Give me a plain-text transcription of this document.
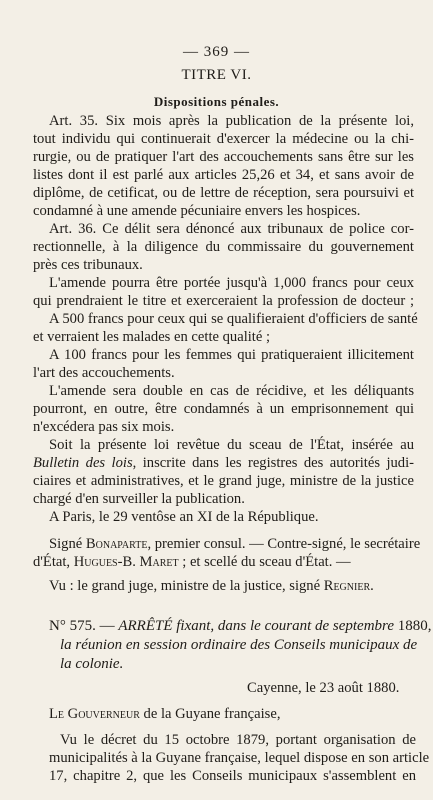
— 369 —
TITRE VI.
Dispositions pénales.
Art. 35. Six mois après la publication de la présente loi,
tout individu qui continuerait d'exercer la médecine ou la chi-
rurgie, ou de pratiquer l'art des accouchements sans être sur les
listes dont il est parlé aux articles 25,26 et 34, et sans avoir de
diplôme, de cetificat, ou de lettre de réception, sera poursuivi et
condamné à une amende pécuniaire envers les hospices.
Art. 36. Ce délit sera dénoncé aux tribunaux de police cor-
rectionnelle, à la diligence du commissaire du gouvernement
près ces tribunaux.
L'amende pourra être portée jusqu'à 1,000 francs pour ceux
qui prendraient le titre et exerceraient la profession de docteur ;
A 500 francs pour ceux qui se qualifieraient d'officiers de santé
et verraient les malades en cette qualité ;
A 100 francs pour les femmes qui pratiqueraient illicitement
l'art des accouchements.
L'amende sera double en cas de récidive, et les déliquants
pourront, en outre, être condamnés à un emprisonnement qui
n'excédera pas six mois.
Soit la présente loi revêtue du sceau de l'État, insérée au
Bulletin des lois, inscrite dans les registres des autorités judi-
ciaires et administratives, et le grand juge, ministre de la justice
chargé d'en surveiller la publication.
A Paris, le 29 ventôse an XI de la République.
Signé Bonaparte, premier consul. — Contre-signé, le secrétaire
d'État, Hugues-B. Maret ; et scellé du sceau d'État. —
Vu : le grand juge, ministre de la justice, signé Regnier.
N° 575. — ARRÊTÉ fixant, dans le courant de septembre 1880,
la réunion en session ordinaire des Conseils municipaux de
la colonie.
Cayenne, le 23 août 1880.
Le Gouverneur de la Guyane française,
Vu le décret du 15 octobre 1879, portant organisation de
municipalités à la Guyane française, lequel dispose en son article
17, chapitre 2, que les Conseils municipaux s'assemblent en
